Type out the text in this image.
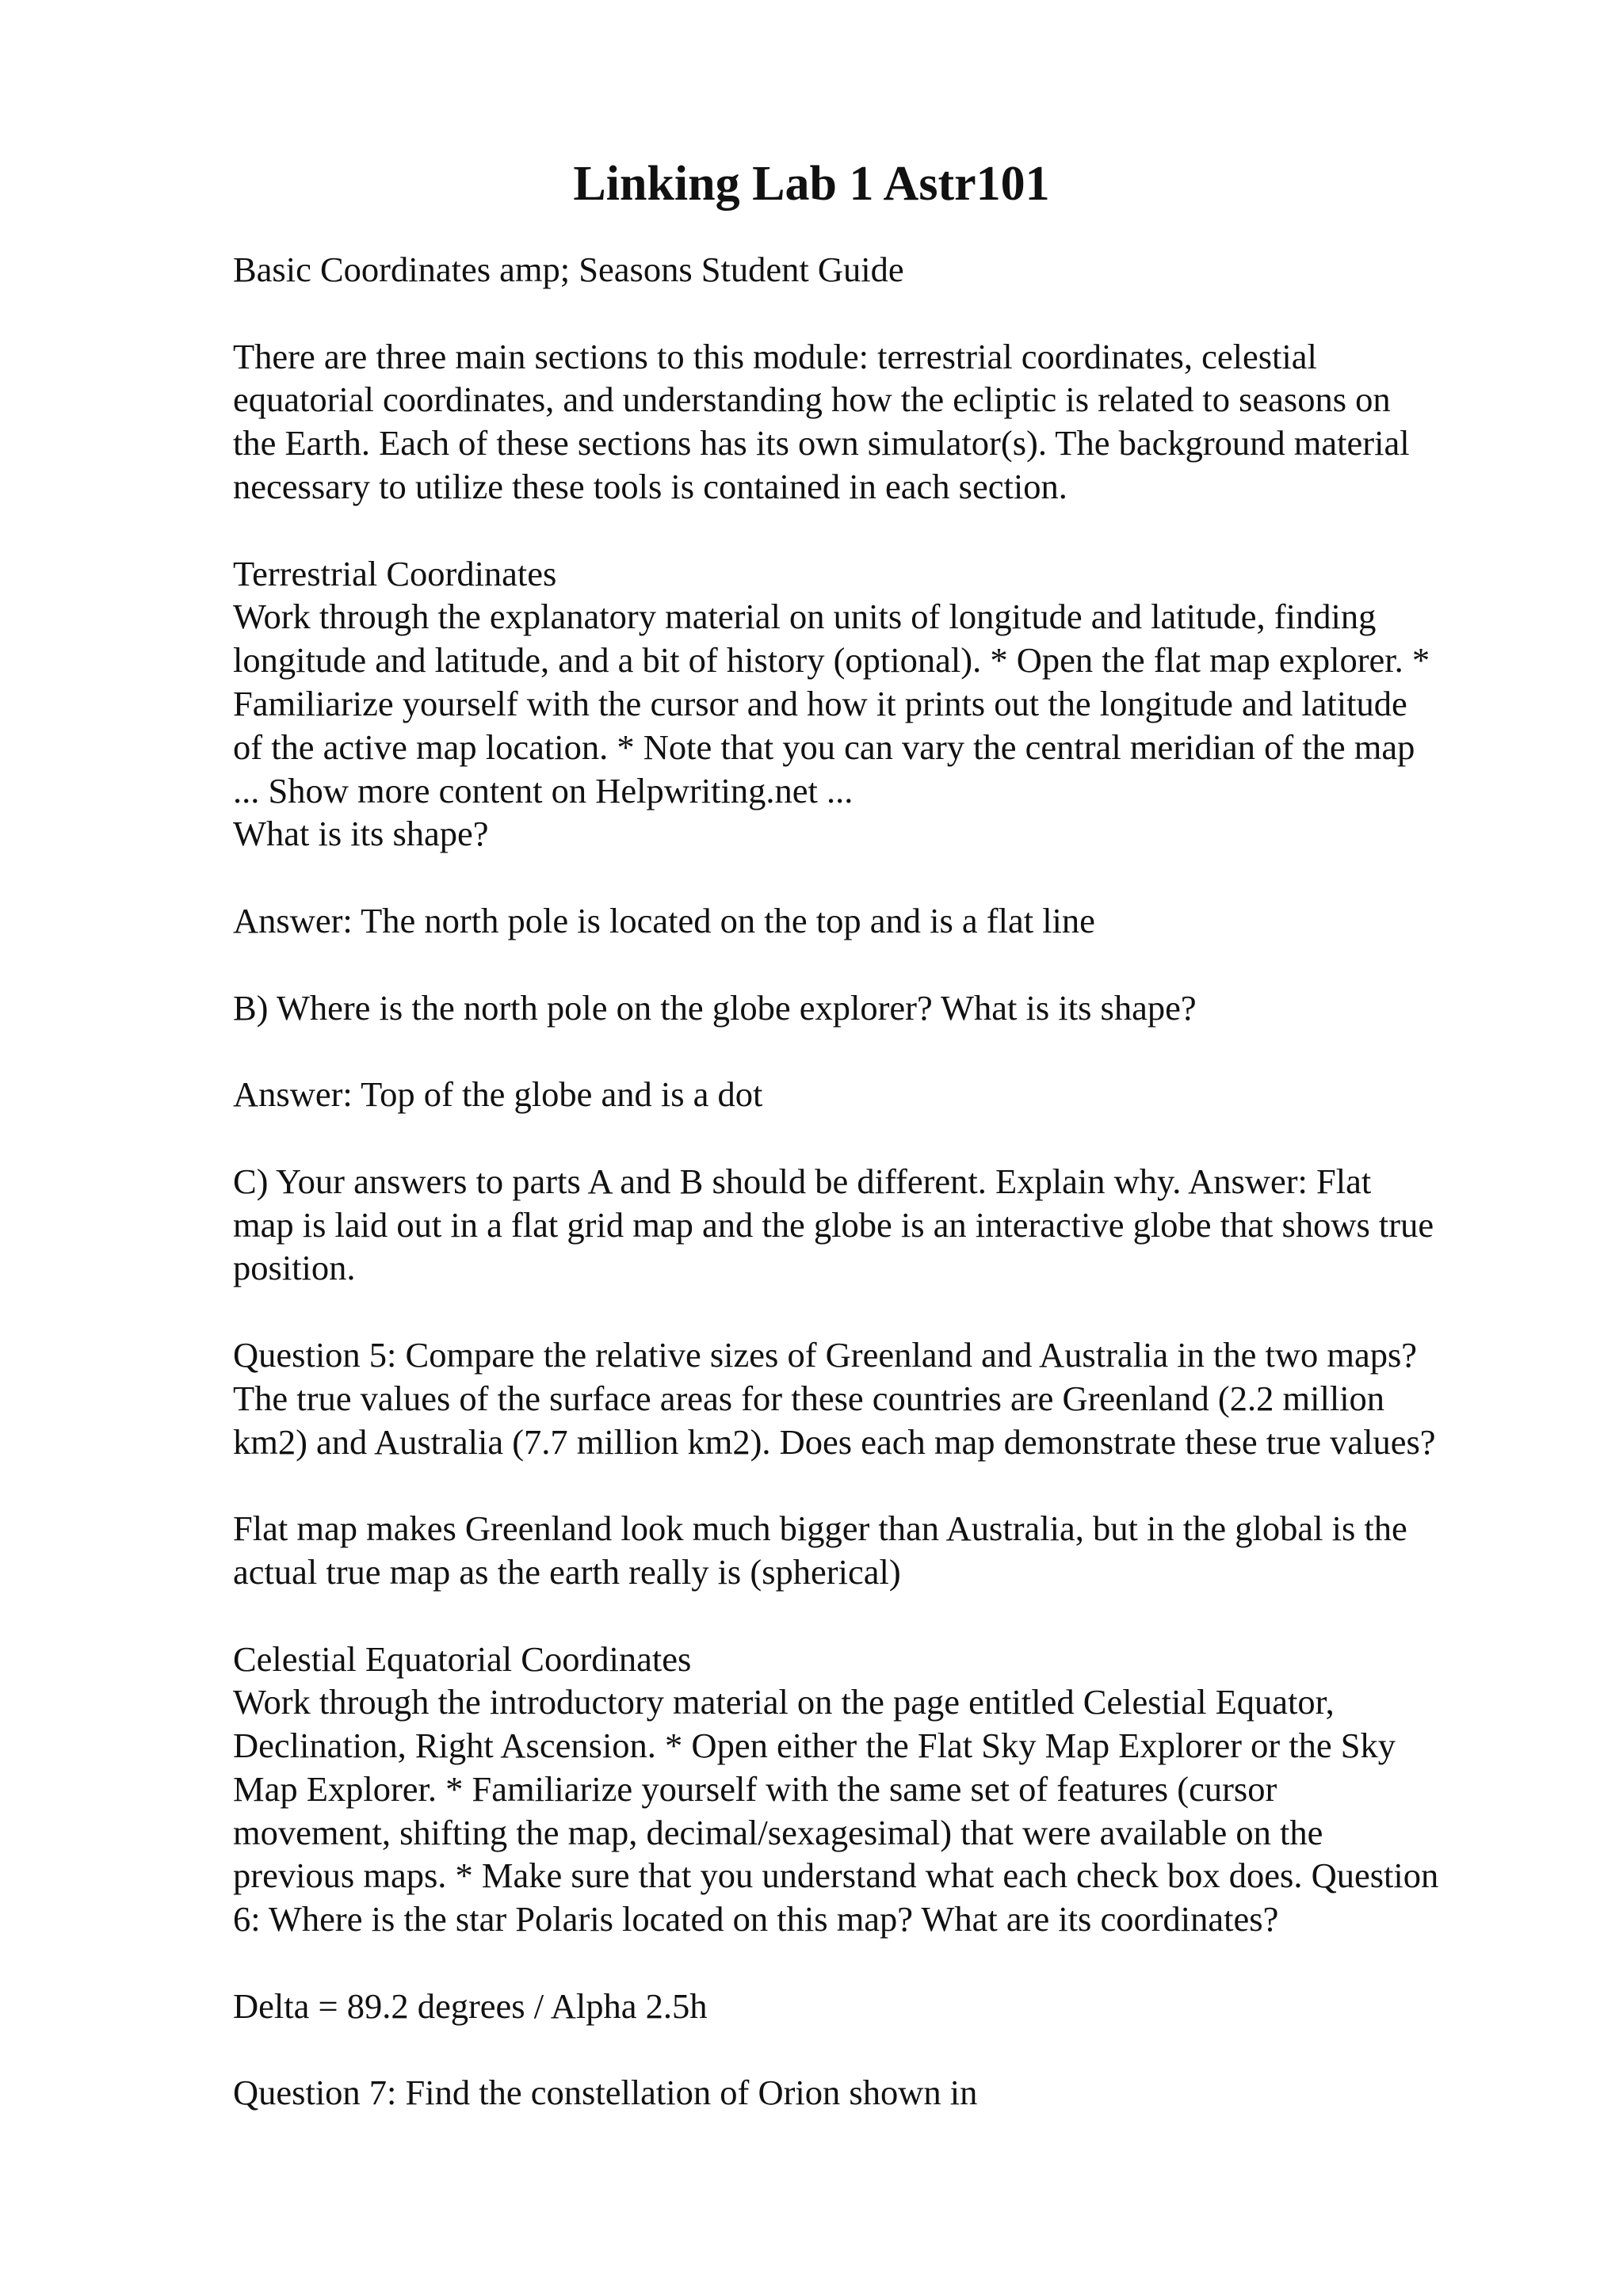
Linking Lab 1 Astr101

Basic Coordinates amp; Seasons Student Guide

There are three main sections to this module: terrestrial coordinates, celestial

equatorial coordinates, and understanding how the ecliptic is related to seasons on

the Earth. Each of these sections has its own simulator(s). The background material

necessary to utilize these tools is contained in each section.

Terrestrial Coordinates

Work through the explanatory material on units of longitude and latitude, finding

longitude and latitude, and a bit of history (optional). * Open the flat map explorer. *

Familiarize yourself with the cursor and how it prints out the longitude and latitude

of the active map location. * Note that you can vary the central meridian of the map

... Show more content on Helpwriting.net ...

What is its shape?

Answer: The north pole is located on the top and is a flat line

B) Where is the north pole on the globe explorer? What is its shape?

Answer: Top of the globe and is a dot

C) Your answers to parts A and B should be different. Explain why. Answer: Flat

map is laid out in a flat grid map and the globe is an interactive globe that shows true

position.

Question 5: Compare the relative sizes of Greenland and Australia in the two maps?

The true values of the surface areas for these countries are Greenland (2.2 million

km2) and Australia (7.7 million km2). Does each map demonstrate these true values?

Flat map makes Greenland look much bigger than Australia, but in the global is the

actual true map as the earth really is (spherical)

Celestial Equatorial Coordinates

Work through the introductory material on the page entitled Celestial Equator,

Declination, Right Ascension. * Open either the Flat Sky Map Explorer or the Sky

Map Explorer. * Familiarize yourself with the same set of features (cursor

movement, shifting the map, decimal/sexagesimal) that were available on the

previous maps. * Make sure that you understand what each check box does. Question

6: Where is the star Polaris located on this map? What are its coordinates?

Delta = 89.2 degrees / Alpha 2.5h

Question 7: Find the constellation of Orion shown in
